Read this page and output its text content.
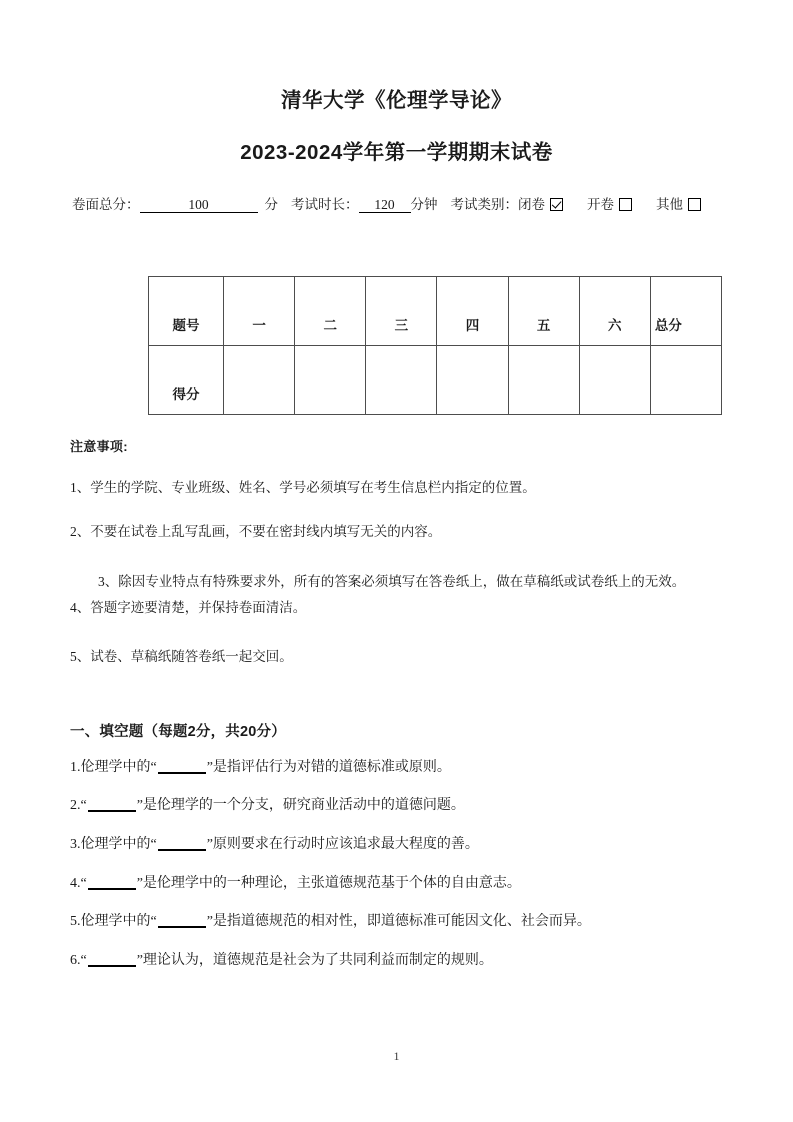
清华大学《伦理学导论》
2023-2024学年第一学期期末试卷
卷面总分：	100	分 考试时长： 120 分钟 考试类别：闭卷	开卷	其他
题号	一	二	三	四	五	六	总分
得分							
注意事项:
1、学生的学院、专业班级、姓名、学号必须填写在考生信息栏内指定的位置。
2、不要在试卷上乱写乱画，不要在密封线内填写无关的内容。
3、除因专业特点有特殊要求外，所有的答案必须填写在答卷纸上，做在草稿纸或试卷纸上的无效。
4、答题字迹要清楚，并保持卷面清洁。
5、试卷、草稿纸随答卷纸一起交回。
一、填空题（每题2分，共20分）
1.伦理学中的“	”是指评估行为对错的道德标准或原则。
2.“	”是伦理学的一个分支，研究商业活动中的道德问题。
3.伦理学中的“	”原则要求在行动时应该追求最大程度的善。
4.“	”是伦理学中的一种理论，主张道德规范基于个体的自由意志。
5.伦理学中的“	”是指道德规范的相对性，即道德标准可能因文化、社会而异。
6.“	”理论认为，道德规范是社会为了共同利益而制定的规则。
1
